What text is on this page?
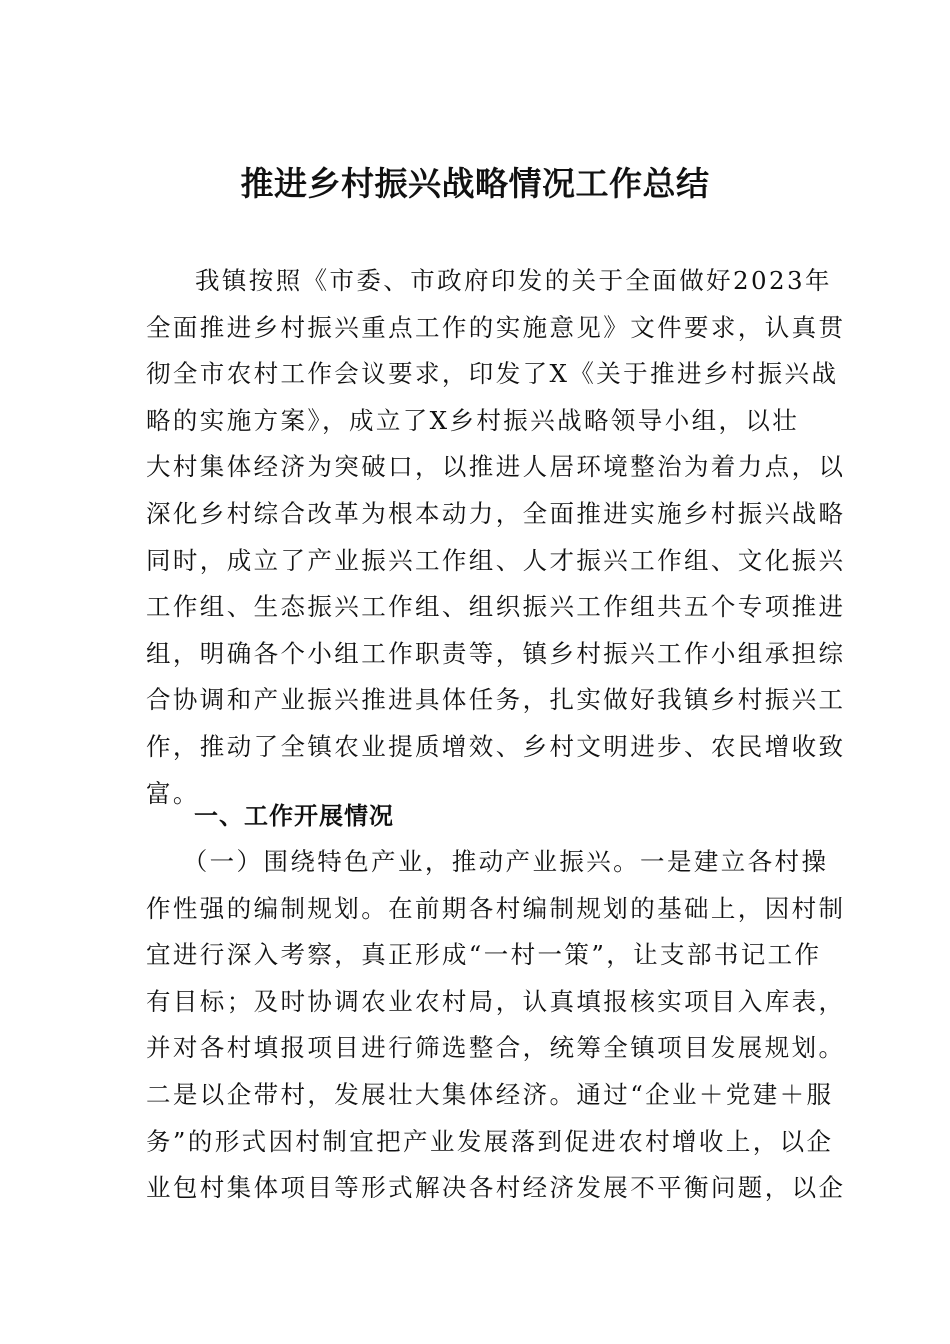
推进乡村振兴战略情况工作总结
我镇按照《市委、市政府印发的关于全面做好2023年
全面推进乡村振兴重点工作的实施意见》文件要求，认真贯
彻全市农村工作会议要求，印发了X《关于推进乡村振兴战
略的实施方案》，成立了X乡村振兴战略领导小组，以壮
大村集体经济为突破口，以推进人居环境整治为着力点，以
深化乡村综合改革为根本动力，全面推进实施乡村振兴战略
同时，成立了产业振兴工作组、人才振兴工作组、文化振兴
工作组、生态振兴工作组、组织振兴工作组共五个专项推进
组，明确各个小组工作职责等，镇乡村振兴工作小组承担综
合协调和产业振兴推进具体任务，扎实做好我镇乡村振兴工
作，推动了全镇农业提质增效、乡村文明进步、农民增收致
富。
一、工作开展情况
（一）围绕特色产业，推动产业振兴。一是建立各村操
作性强的编制规划。在前期各村编制规划的基础上，因村制
宜进行深入考察，真正形成“一村一策”，让支部书记工作
有目标；及时协调农业农村局，认真填报核实项目入库表，
并对各村填报项目进行筛选整合，统筹全镇项目发展规划。
二是以企带村，发展壮大集体经济。通过“企业＋党建＋服
务”的形式因村制宜把产业发展落到促进农村增收上，以企
业包村集体项目等形式解决各村经济发展不平衡问题，以企
